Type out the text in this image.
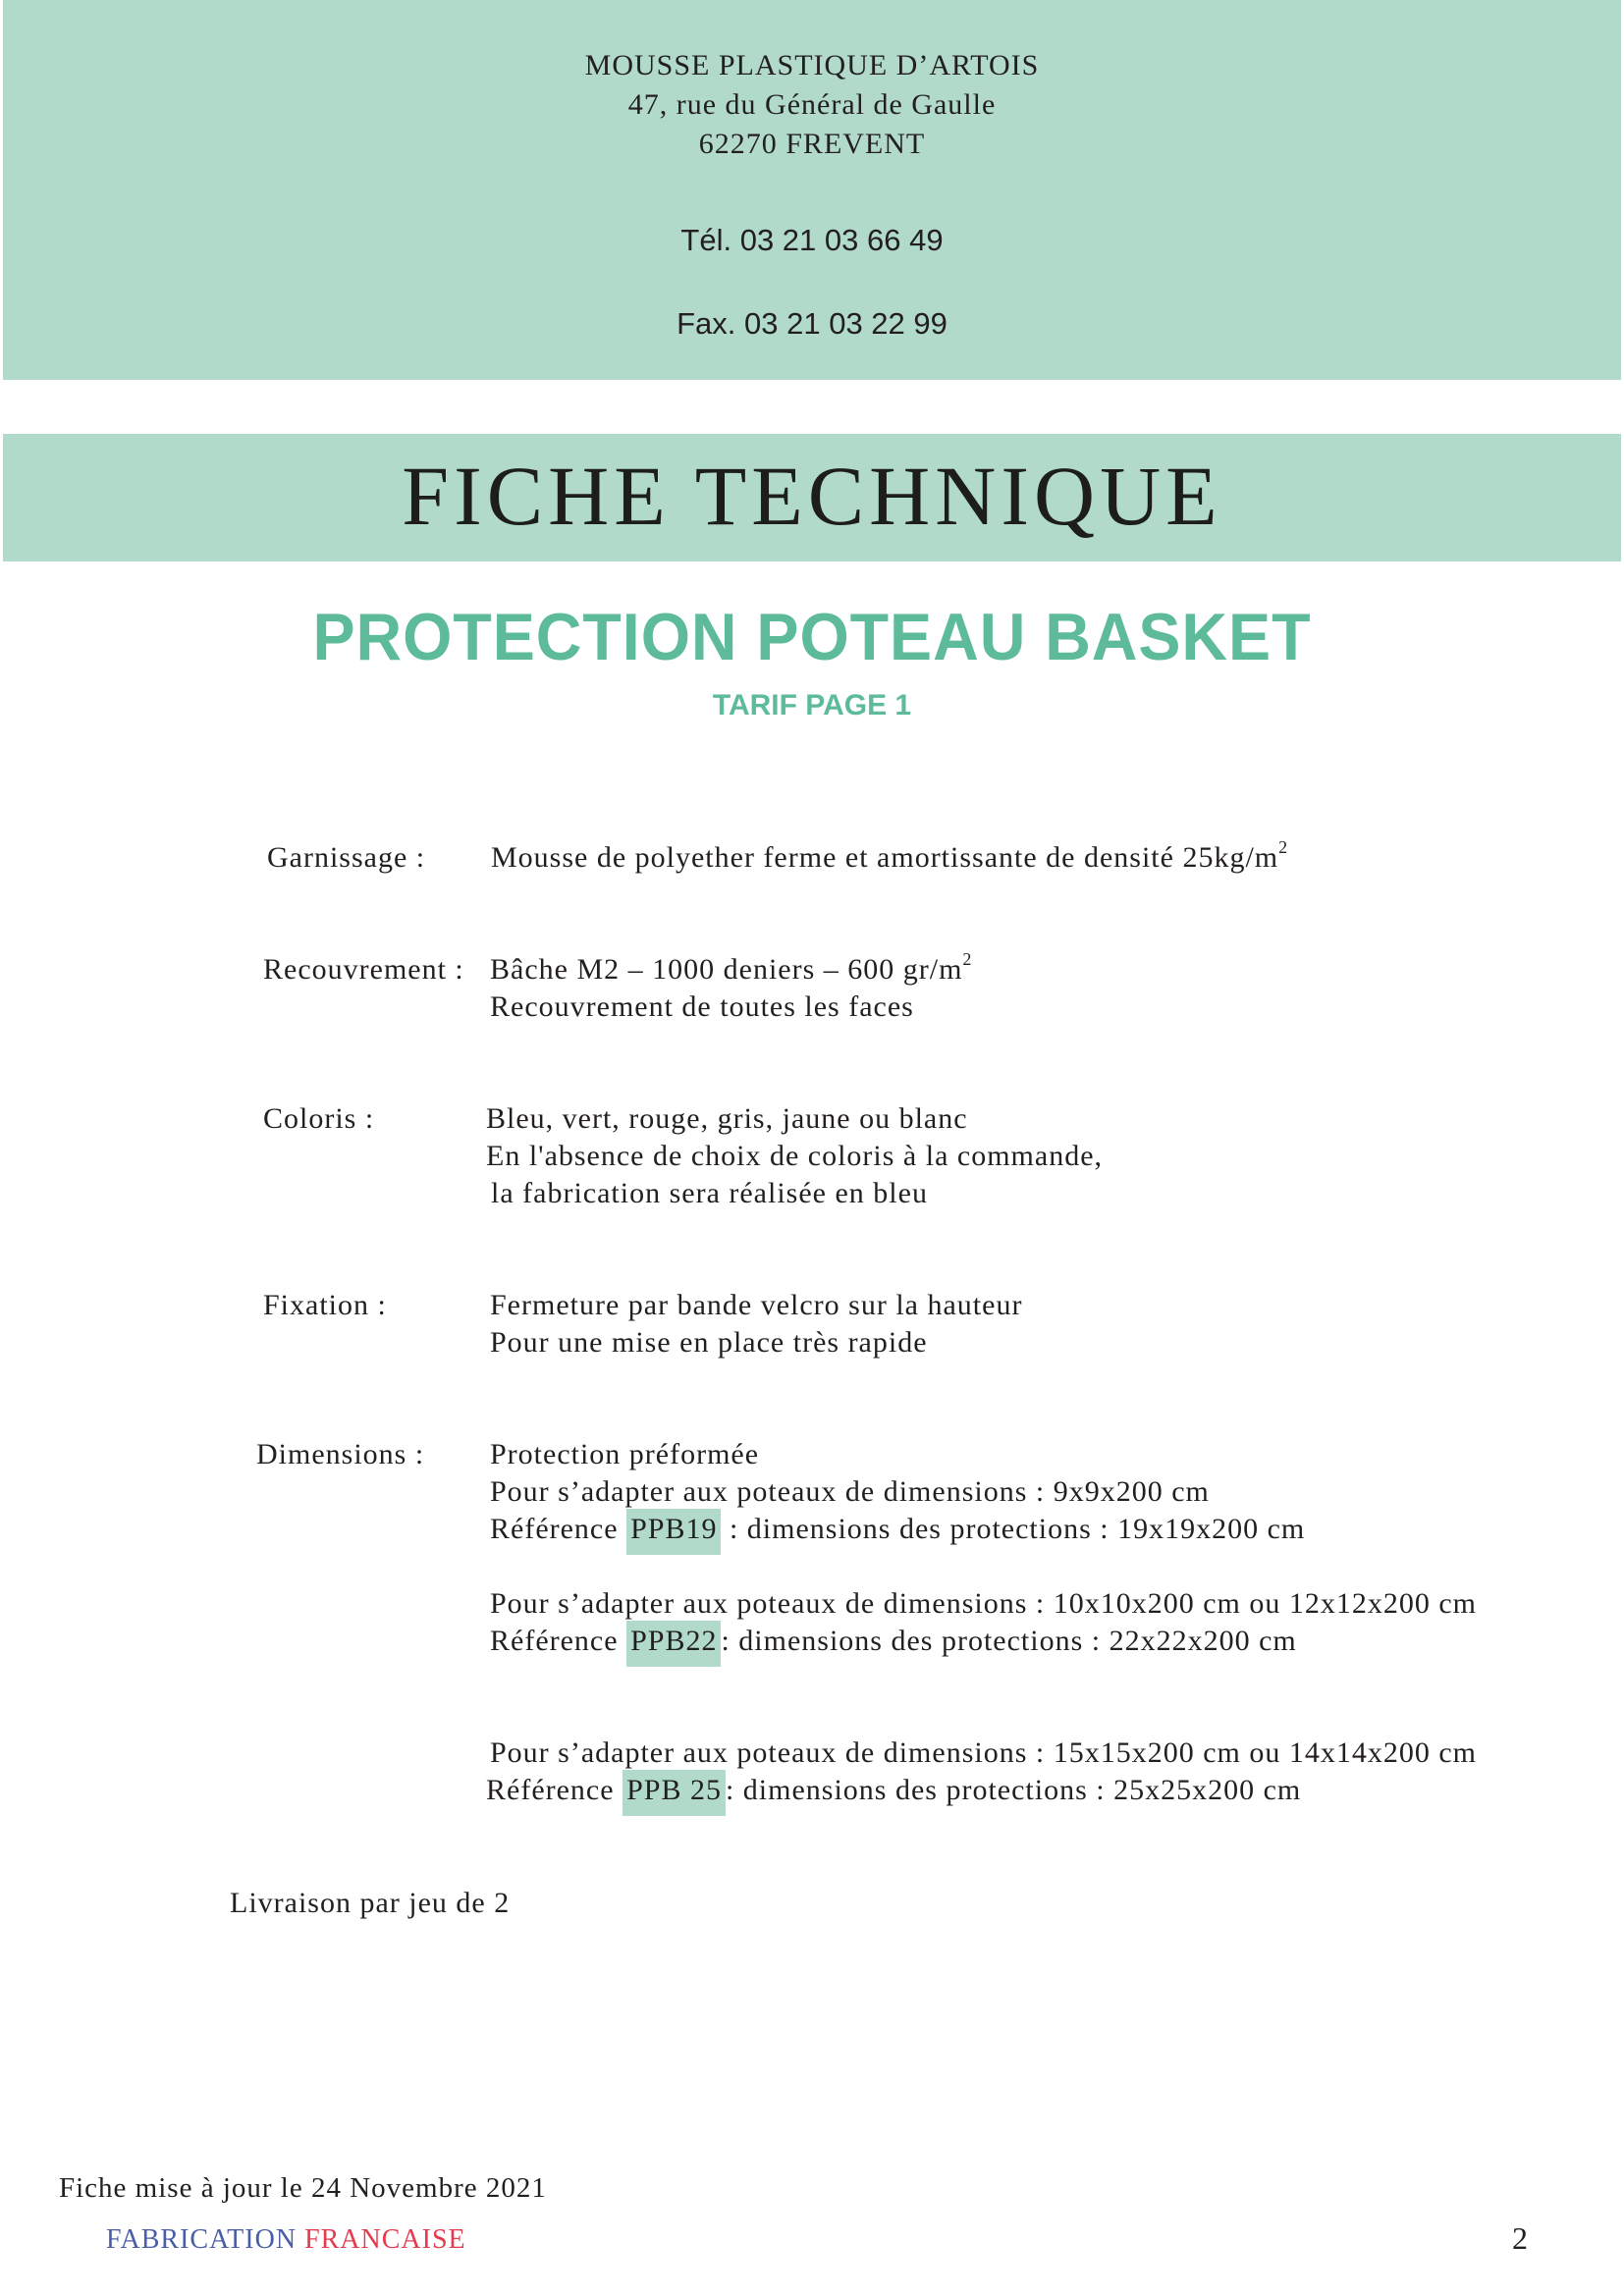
MOUSSE PLASTIQUE D’ARTOIS
47, rue du Général de Gaulle
62270 FREVENT
Tél. 03 21 03 66 49
Fax. 03 21 03 22 99
FICHE TECHNIQUE
PROTECTION POTEAU BASKET
TARIF PAGE 1
Garnissage : Mousse de polyether ferme et amortissante de densité $25kg/m^2$
Recouvrement : Bâche M2 – 1000 deniers – 600 $gr/m^2$
Recouvrement de toutes les faces
Coloris :	Bleu, vert, rouge, gris, jaune ou blanc
En l'absence de choix de coloris à la commande,
la fabrication sera réalisée en bleu
Fixation :	Fermeture par bande velcro sur la hauteur
Pour une mise en place très rapide
Dimensions : Protection préformée
Pour s’adapter aux poteaux de dimensions : 9x9x200 cm
Référence PPB19 : dimensions des protections : 19x19x200 cm
Pour s’adapter aux poteaux de dimensions : 10x10x200 cm ou 12x12x200 cm
Référence PPB22 : dimensions des protections : 22x22x200 cm
Pour s’adapter aux poteaux de dimensions : 15x15x200 cm ou 14x14x200 cm
Référence PPB 25 : dimensions des protections : 25x25x200 cm
Livraison par jeu de 2
Fiche mise à jour le 24 Novembre 2021
FABRICATION FRANCAISE	2
